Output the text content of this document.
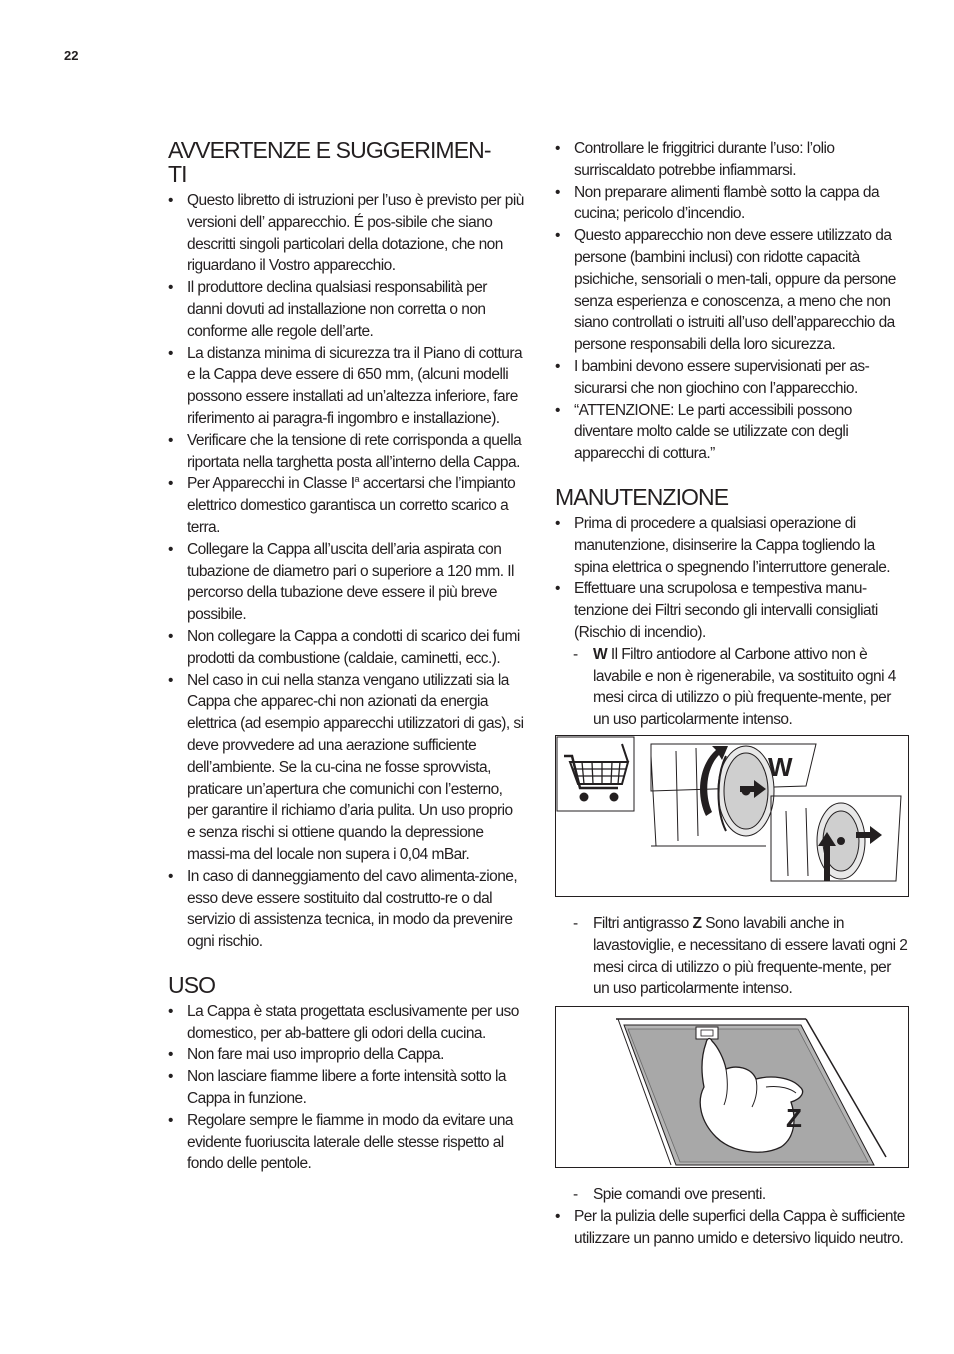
22
AVVERTENZE E SUGGERIMEN-
TI
• Questo libretto di istruzioni per l’uso è previsto per più versioni dell’ apparecchio. É pos-sibile che siano descritti singoli particolari della dotazione, che non riguardano il Vostro apparecchio.
• Il produttore declina qualsiasi responsabilità per danni dovuti ad installazione non corretta o non conforme alle regole dell’arte.
• La distanza minima di sicurezza tra il Piano di cottura e la Cappa deve essere di 650 mm, (alcuni modelli possono essere installati ad un’altezza inferiore, fare riferimento ai paragra-fi ingombro e installazione).
• Verificare che la tensione di rete corrisponda a quella riportata nella targhetta posta all’interno della Cappa.
• Per Apparecchi in Classe $I^a$ accertarsi che l’impianto elettrico domestico garantisca un corretto scarico a terra.
• Collegare la Cappa all’uscita dell’aria aspirata con tubazione de diametro pari o superiore a 120 mm. Il percorso della tubazione deve essere il più breve possibile.
• Non collegare la Cappa a condotti di scarico dei fumi prodotti da combustione (caldaie, caminetti, ecc.).
• Nel caso in cui nella stanza vengano utilizzati sia la Cappa che apparec-chi non azionati da energia elettrica (ad esempio apparecchi utilizzatori di gas), si deve provvedere ad una aerazione sufficiente dell’ambiente. Se la cu-cina ne fosse sprovvista, praticare un’apertura che comunichi con l’esterno, per garantire il richiamo d’aria pulita. Un uso proprio e senza rischi si ottiene quando la depressione massi-ma del locale non supera i 0,04 mBar.
• In caso di danneggiamento del cavo alimenta-zione, esso deve essere sostituito dal costrutto-re o dal servizio di assistenza tecnica, in modo da prevenire ogni rischio.
USO
• La Cappa è stata progettata esclusivamente per uso domestico, per ab-battere gli odori della cucina.
• Non fare mai uso improprio della Cappa.
• Non lasciare fiamme libere a forte intensità sotto la Cappa in funzione.
• Regolare sempre le fiamme in modo da evitare una evidente fuoriuscita laterale delle stesse rispetto al fondo delle pentole.
• Controllare le friggitrici durante l’uso: l’olio surriscaldato potrebbe infiammarsi.
• Non preparare alimenti flambè sotto la cappa da cucina; pericolo d’incendio.
• Questo apparecchio non deve essere utilizzato da persone (bambini inclusi) con ridotte capacità psichiche, sensoriali o men-tali, oppure da persone senza esperienza e conoscenza, a meno che non siano controllati o istruiti all’uso dell’apparecchio da persone responsabili della loro sicurezza.
• I bambini devono essere supervisionati per as-sicurarsi che non giochino con l’apparecchio.
• “ATTENZIONE: Le parti accessibili possono diventare molto calde se utilizzate con degli apparecchi di cottura.”
MANUTENZIONE
• Prima di procedere a qualsiasi operazione di manutenzione, disinserire la Cappa togliendo la spina elettrica o spegnendo l’interruttore generale.
• Effettuare una scrupolosa e tempestiva manu-tenzione dei Filtri secondo gli intervalli consigliati (Rischio di incendio).
- W Il Filtro antiodore al Carbone attivo non è lavabile e non è rigenerabile, va sostituito ogni 4 mesi circa di utilizzo o più frequente-mente, per un uso particolarmente intenso.
W
- Filtri antigrasso Z Sono lavabili anche in lavastoviglie, e necessitano di essere lavati ogni 2 mesi circa di utilizzo o più frequente-mente, per un uso particolarmente intenso.
Z
- Spie comandi ove presenti.
• Per la pulizia delle superfici della Cappa è sufficiente utilizzare un panno umido e detersivo liquido neutro.
